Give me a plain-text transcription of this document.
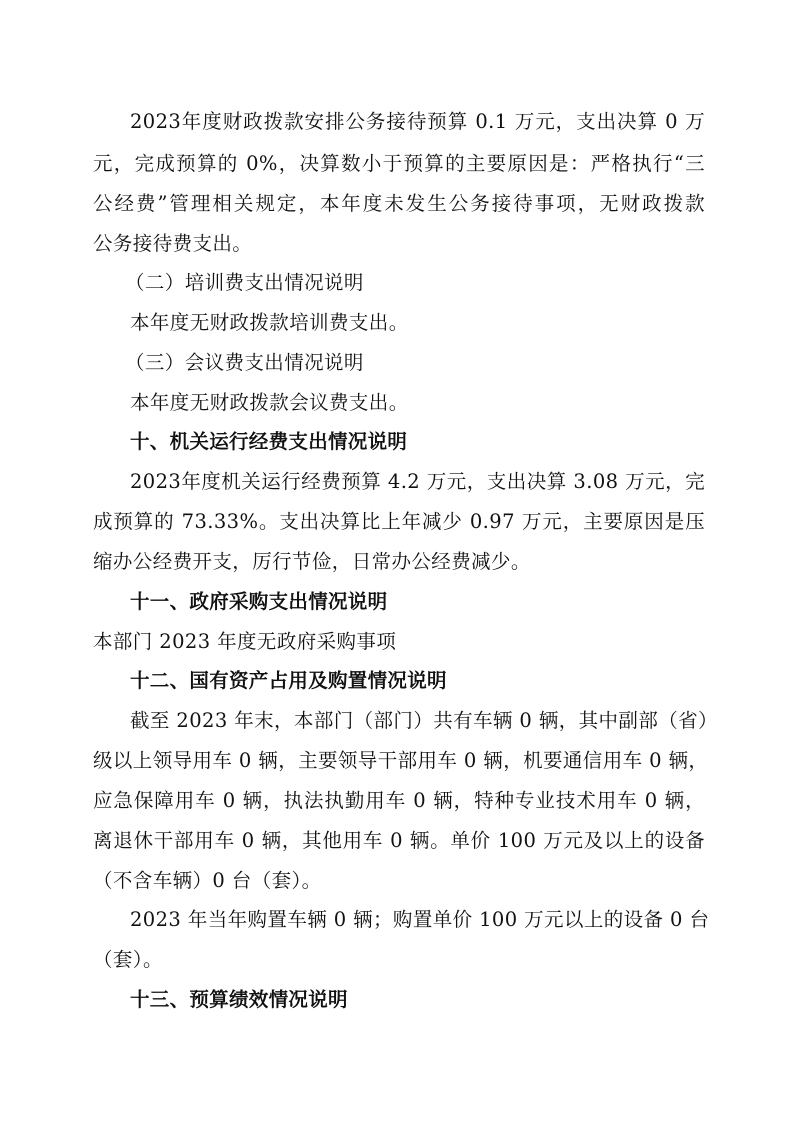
2023年度财政拨款安排公务接待预算 0.1 万元，支出决算 0 万
元，完成预算的 0%，决算数小于预算的主要原因是：严格执行“三
公经费”管理相关规定，本年度未发生公务接待事项，无财政拨款
公务接待费支出。
（二）培训费支出情况说明
本年度无财政拨款培训费支出。
（三）会议费支出情况说明
本年度无财政拨款会议费支出。
十、机关运行经费支出情况说明
2023年度机关运行经费预算 4.2 万元，支出决算 3.08 万元，完
成预算的 73.33%。支出决算比上年减少 0.97 万元，主要原因是压
缩办公经费开支，厉行节俭，日常办公经费减少。
十一、政府采购支出情况说明
本部门 2023 年度无政府采购事项
十二、国有资产占用及购置情况说明
截至 2023 年末，本部门（部门）共有车辆 0 辆，其中副部（省）
级以上领导用车 0 辆，主要领导干部用车 0 辆，机要通信用车 0 辆，
应急保障用车 0 辆，执法执勤用车 0 辆，特种专业技术用车 0 辆，
离退休干部用车 0 辆，其他用车 0 辆。单价 100 万元及以上的设备
（不含车辆）0 台（套）。
2023 年当年购置车辆 0 辆；购置单价 100 万元以上的设备 0 台
（套）。
十三、预算绩效情况说明
